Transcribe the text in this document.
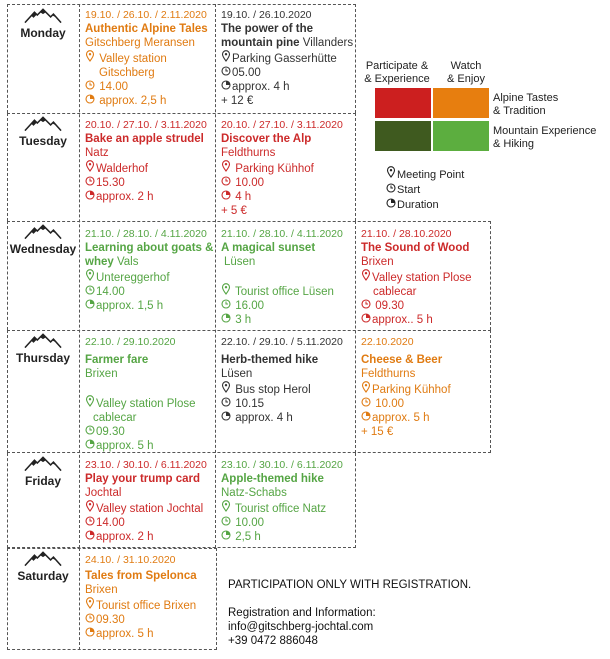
Monday
Tuesday
Wednesday
Thursday
Friday
Saturday
19.10. / 26.10. / 2.11.2020
Authentic Alpine Tales
Gitschberg Meransen
Valley station
Gitschberg
14.00
approx. 2,5 h
19.10. / 26.10.2020
The power of the
mountain pine Villanders
Parking Gasserhütte
05.00
approx. 4 h
+ 12 €
20.10. / 27.10. / 3.11.2020
Bake an apple strudel
Natz
Walderhof
15.30
approx. 2 h
20.10. / 27.10. / 3.11.2020
Discover the Alp
Feldthurns
Parking Kühhof
10.00
4 h
+ 5 €
21.10. / 28.10. / 4.11.2020
Learning about goats &
whey Vals
Untereggerhof
14.00
approx. 1,5 h
21.10. / 28.10. / 4.11.2020
A magical sunset
Lüsen

Tourist office Lüsen
16.00
3 h
21.10. / 28.10.2020
The Sound of Wood
Brixen
Valley station Plose
cablecar
09.30
approx.. 5 h
22.10. / 29.10.2020
Farmer fare
Brixen

Valley station Plose
cablecar
09.30
approx. 5 h
22.10. / 29.10. / 5.11.2020
Herb-themed hike
Lüsen
Bus stop Herol
10.15
approx. 4 h
22.10.2020
Cheese & Beer
Feldthurns
Parking Kühhof
10.00
approx. 5 h
+ 15 €
23.10. / 30.10. / 6.11.2020
Play your trump card
Jochtal
Valley station Jochtal
14.00
approx. 2 h
23.10. / 30.10. / 6.11.2020
Apple-themed hike
Natz-Schabs
Tourist office Natz
10.00
2,5 h
24.10. / 31.10.2020
Tales from Spelonca
Brixen
Tourist office Brixen
09.30
approx. 5 h
Participate &
& Experience
Watch
& Enjoy
Alpine Tastes
& Tradition
Mountain Experience
& Hiking
Meeting Point
Start
Duration
PARTICIPATION ONLY WITH REGISTRATION.
Registration and Information:
info@gitschberg-jochtal.com
+39 0472 886048
